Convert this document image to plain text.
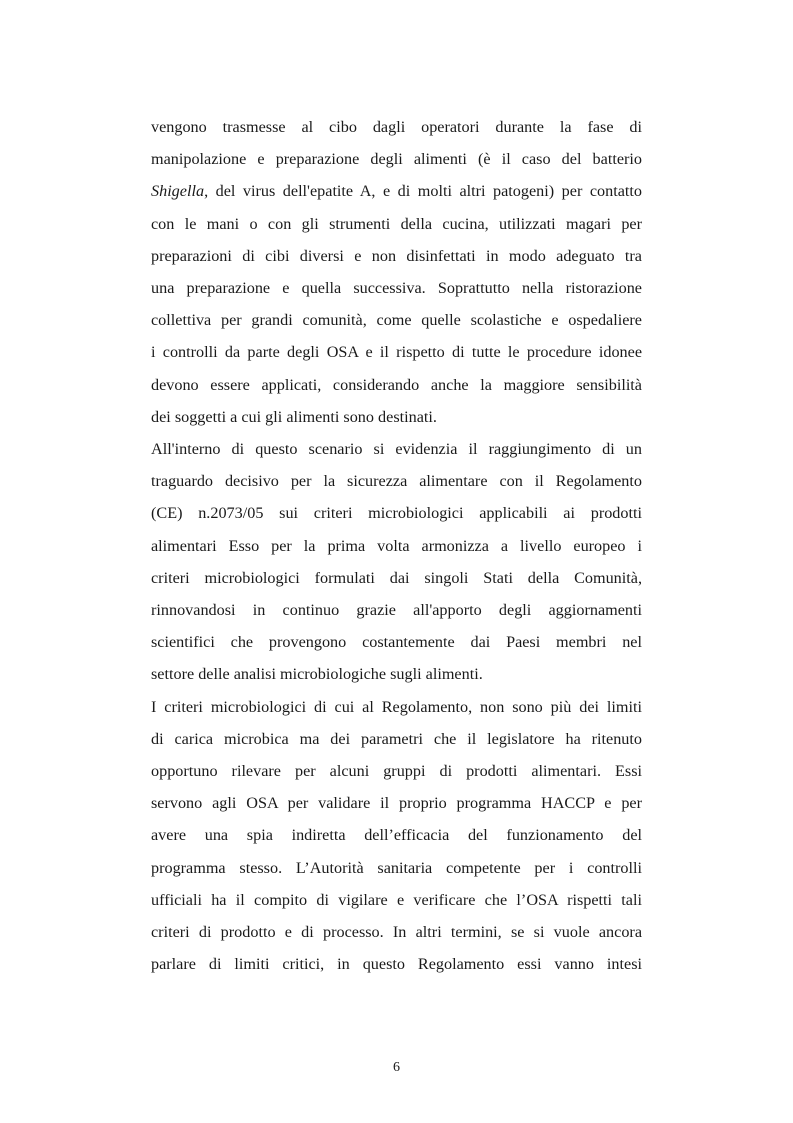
vengono trasmesse al cibo dagli operatori durante la fase di
manipolazione e preparazione degli alimenti (è il caso del batterio
Shigella, del virus dell'epatite A, e di molti altri patogeni) per contatto
con le mani o con gli strumenti della cucina, utilizzati magari per
preparazioni di cibi diversi e non disinfettati in modo adeguato tra
una preparazione e quella successiva. Soprattutto nella ristorazione
collettiva per grandi comunità, come quelle scolastiche e ospedaliere
i controlli da parte degli OSA e il rispetto di tutte le procedure idonee
devono essere applicati, considerando anche la maggiore sensibilità
dei soggetti a cui gli alimenti sono destinati.

All'interno di questo scenario si evidenzia il raggiungimento di un
traguardo decisivo per la sicurezza alimentare con il Regolamento
(CE) n.2073/05 sui criteri microbiologici applicabili ai prodotti
alimentari Esso per la prima volta armonizza a livello europeo i
criteri microbiologici formulati dai singoli Stati della Comunità,
rinnovandosi in continuo grazie all'apporto degli aggiornamenti
scientifici che provengono costantemente dai Paesi membri nel
settore delle analisi microbiologiche sugli alimenti.

I criteri microbiologici di cui al Regolamento, non sono più dei limiti
di carica microbica ma dei parametri che il legislatore ha ritenuto
opportuno rilevare per alcuni gruppi di prodotti alimentari. Essi
servono agli OSA per validare il proprio programma HACCP e per
avere una spia indiretta dell’efficacia del funzionamento del
programma stesso. L’Autorità sanitaria competente per i controlli
ufficiali ha il compito di vigilare e verificare che l’OSA rispetti tali
criteri di prodotto e di processo. In altri termini, se si vuole ancora
parlare di limiti critici, in questo Regolamento essi vanno intesi

6
